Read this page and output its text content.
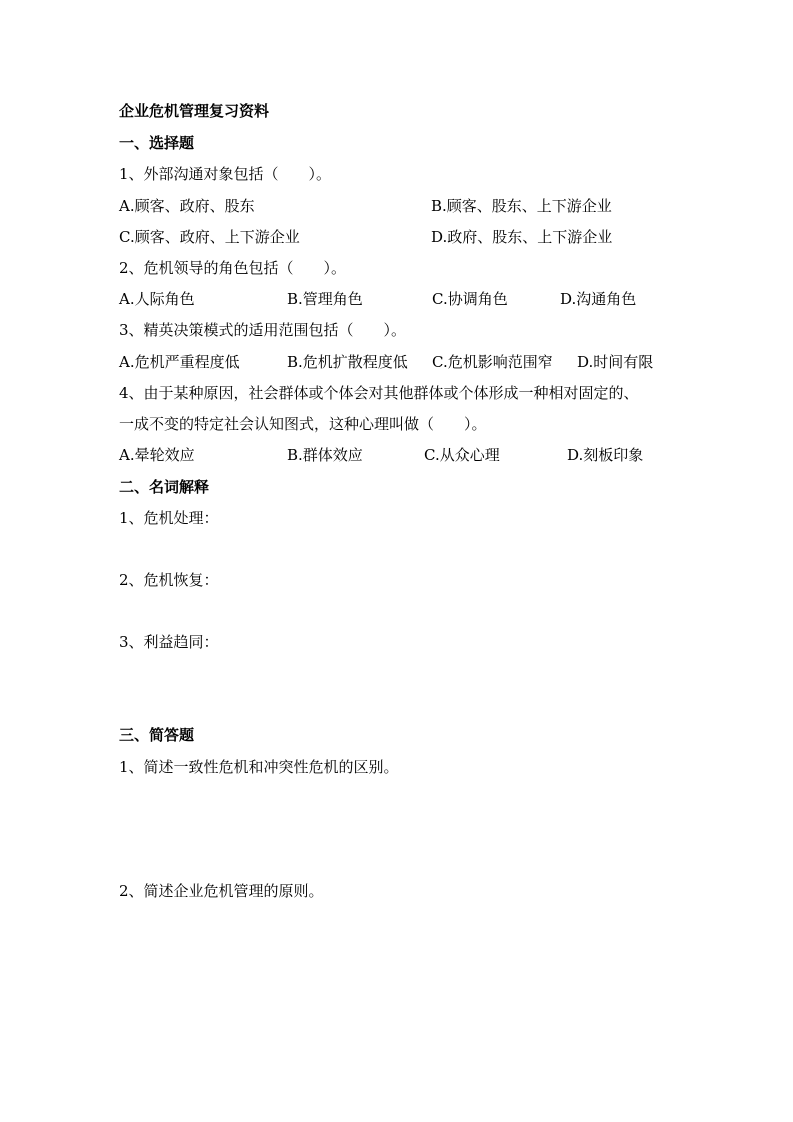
企业危机管理复习资料
一、选择题
1、外部沟通对象包括（　　）。
A.顾客、政府、股东	B.顾客、股东、上下游企业
C.顾客、政府、上下游企业	D.政府、股东、上下游企业
2、危机领导的角色包括（　　）。
A.人际角色	B.管理角色	C.协调角色	D.沟通角色
3、精英决策模式的适用范围包括（　　）。
A.危机严重程度低	B.危机扩散程度低 C.危机影响范围窄 D.时间有限
4、由于某种原因，社会群体或个体会对其他群体或个体形成一种相对固定的、
一成不变的特定社会认知图式，这种心理叫做（　　）。
A.晕轮效应	B.群体效应	C.从众心理	D.刻板印象
二、名词解释
1、危机处理：
2、危机恢复：
3、利益趋同：
三、简答题
1、简述一致性危机和冲突性危机的区别。
2、简述企业危机管理的原则。
